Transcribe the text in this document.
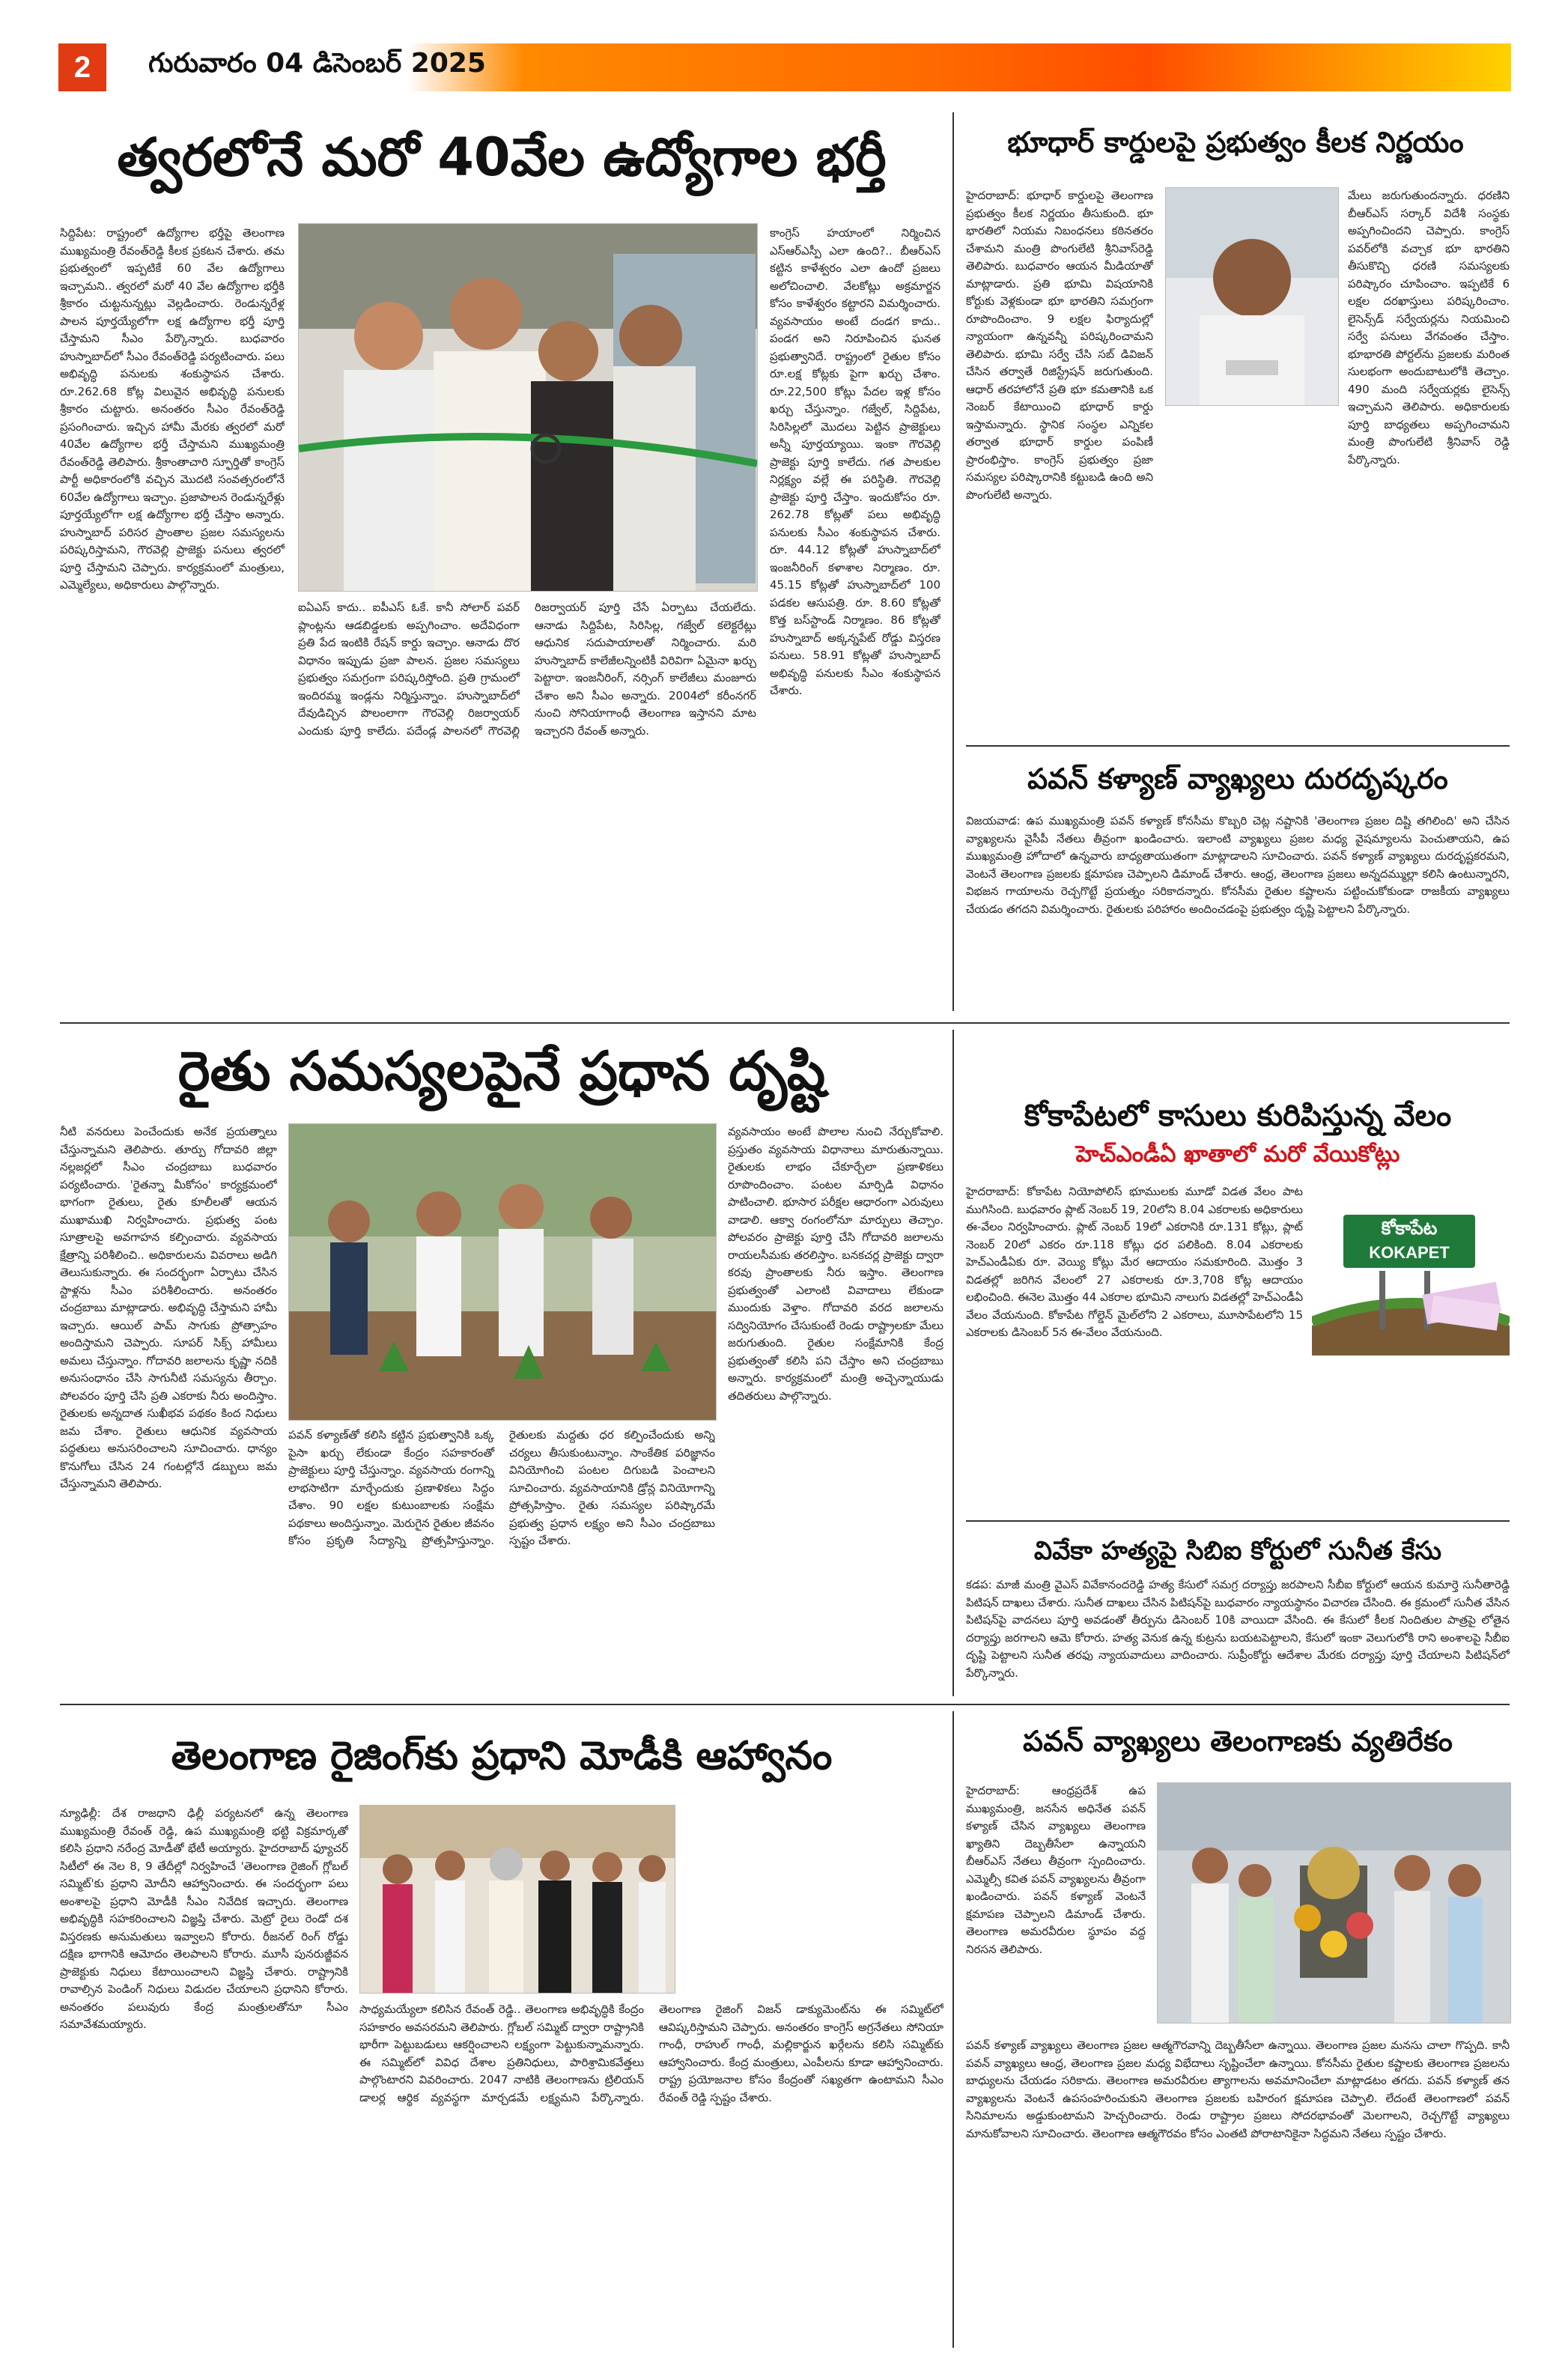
2	గురువారం 04 డిసెంబర్ 2025
త్వరలోనే మరో 40వేల ఉద్యోగాల భర్తీ
సిద్దిపేట: రాష్ట్రంలో ఉద్యోగాల భర్తీపై తెలంగాణ ముఖ్యమంత్రి రేవంత్‌రెడ్డి కీలక ప్రకటన చేశారు. తమ ప్రభుత్వంలో ఇప్పటికే 60 వేల ఉద్యోగాలు ఇచ్చామని.. త్వరలో మరో 40 వేల ఉద్యోగాల భర్తీకి శ్రీకారం చుట్టనున్నట్లు వెల్లడించారు. రెండున్నరేళ్ల పాలన పూర్తయ్యేలోగా లక్ష ఉద్యోగాల భర్తీ పూర్తి చేస్తామని సీఎం పేర్కొన్నారు. బుధవారం హుస్నాబాద్‌లో సీఎం రేవంత్‌రెడ్డి పర్యటించారు. పలు అభివృద్ధి పనులకు శంకుస్థాపన చేశారు. రూ.262.68 కోట్ల విలువైన అభివృద్ధి పనులకు శ్రీకారం చుట్టారు. అనంతరం సీఎం రేవంత్‌రెడ్డి ప్రసంగించారు. ఇచ్చిన హామీ మేరకు త్వరలో మరో 40వేల ఉద్యోగాల భర్తీ చేస్తామని ముఖ్యమంత్రి రేవంత్‌రెడ్డి తెలిపారు. శ్రీకాంతాచారి స్ఫూర్తితో కాంగ్రెస్‌ పార్టీ అధికారంలోకి వచ్చిన మొదటి సంవత్సరంలోనే 60వేల ఉద్యోగాలు ఇచ్చాం. ప్రజాపాలన రెండున్నరేళ్లు పూర్తయ్యేలోగా లక్ష ఉద్యోగాల భర్తీ చేస్తాం అన్నారు. హుస్నాబాద్ పరిసర ప్రాంతాల ప్రజల సమస్యలను పరిష్కరిస్తామని, గౌరవెల్లి ప్రాజెక్టు పనులు త్వరలో పూర్తి చేస్తామని చెప్పారు. కార్యక్రమంలో మంత్రులు, ఎమ్మెల్యేలు, అధికారులు పాల్గొన్నారు.
ఐఏఎస్‌ కాదు.. ఐపీఎస్‌ ఓకే. కానీ సోలార్‌ పవర్‌ ప్లాంట్లను ఆడబిడ్డలకు అప్పగించాం. అదేవిధంగా ప్రతి పేద ఇంటికి రేషన్‌ కార్డు ఇచ్చాం. ఆనాడు దొర విధానం ఇప్పుడు ప్రజా పాలన. ప్రజల సమస్యలు ప్రభుత్వం సమగ్రంగా పరిష్కరిస్తోంది. ప్రతి గ్రామంలో ఇందిరమ్మ ఇండ్లను నిర్మిస్తున్నాం. హుస్నాబాద్‌లో దేవుడిచ్చిన పొలంలాగా గౌరవెల్లి రిజర్వాయర్‌ ఎందుకు పూర్తి కాలేదు. పదేండ్ల పాలనలో గౌరవెల్లి రిజర్వాయర్ పూర్తి చేసే ఏర్పాటు చేయలేదు. ఆనాడు సిద్దిపేట, సిరిసిల్ల, గజ్వేల్‌ కలెక్టరేట్లు ఆధునిక సదుపాయాలతో నిర్మించారు. మరి హుస్నాబాద్‌ కాలేజీలన్నింటికీ విరివిగా ఏమైనా ఖర్చు పెట్టారా. ఇంజనీరింగ్, నర్సింగ్ కాలేజీలు మంజూరు చేశాం అని సీఎం అన్నారు. 2004లో కరీంనగర్‌ నుంచి సోనియాగాంధీ తెలంగాణ ఇస్తానని మాట ఇచ్చారని రేవంత్ అన్నారు.
కాంగ్రెస్‌ హయాంలో నిర్మించిన ఎస్‌ఆర్‌ఎస్పీ ఎలా ఉంది?.. బీఆర్‌ఎస్‌ కట్టిన కాళేశ్వరం ఎలా ఉందో ప్రజలు అలోచించాలి. వేలకోట్లు అక్రమార్జన కోసం కాళేశ్వరం కట్టారని విమర్శించారు. వ్యవసాయం అంటే దండగ కాదు.. పండగ అని నిరూపించిన ఘనత ప్రభుత్వానిదే. రాష్ట్రంలో రైతుల కోసం రూ.లక్ష కోట్లకు పైగా ఖర్చు చేశాం. రూ.22,500 కోట్లు పేదల ఇళ్ల కోసం ఖర్చు చేస్తున్నాం. గజ్వేల్‌, సిద్దిపేట, సిరిసిల్లలో మొదలు పెట్టిన ప్రాజెక్టులు అన్నీ పూర్తయ్యాయి. ఇంకా గౌరవెల్లి ప్రాజెక్టు పూర్తి కాలేదు. గత పాలకుల నిర్లక్ష్యం వల్లే ఈ పరిస్థితి. గౌరవెల్లి ప్రాజెక్టు పూర్తి చేస్తాం. ఇందుకోసం రూ. 262.78 కోట్లతో పలు అభివృద్ధి పనులకు సీఎం శంకుస్థాపన చేశారు. రూ. 44.12 కోట్లతో హుస్నాబాద్‌లో ఇంజనీరింగ్ కళాశాల నిర్మాణం. రూ. 45.15 కోట్లతో హుస్నాబాద్‌లో 100 పడకల ఆసుపత్రి. రూ. 8.60 కోట్లతో కొత్త బస్‌స్టాండ్ నిర్మాణం. 86 కోట్లతో హుస్నాబాద్ అక్కన్నపేట్ రోడ్డు విస్తరణ పనులు. 58.91 కోట్లతో హుస్నాబాద్ అభివృద్ధి పనులకు సీఎం శంకుస్థాపన చేశారు.
భూధార్‌ కార్డులపై ప్రభుత్వం కీలక నిర్ణయం
హైదరాబాద్‌: భూధార్‌ కార్డులపై తెలంగాణ ప్రభుత్వం కీలక నిర్ణయం తీసుకుంది. భూ భారతిలో నియమ నిబంధనలు కఠినతరం చేశామని మంత్రి పొంగులేటి శ్రీనివాస్‌రెడ్డి తెలిపారు. బుధవారం ఆయన మీడియాతో మాట్లాడారు. ప్రతి భూమి విషయానికి కోర్టుకు వెళ్లకుండా భూ భారతిని సమగ్రంగా రూపొందించాం. 9 లక్షల ఫిర్యాదుల్లో న్యాయంగా ఉన్నవన్నీ పరిష్కరించామని తెలిపారు. భూమి సర్వే చేసి సబ్ డివిజన్ చేసిన తర్వాతే రిజిస్ట్రేషన్ జరుగుతుంది. ఆధార్ తరహాలోనే ప్రతి భూ కమతానికి ఒక నెంబర్ కేటాయించి భూధార్ కార్డు ఇస్తామన్నారు. స్థానిక సంస్థల ఎన్నికల తర్వాత భూధార్ కార్డుల పంపిణీ ప్రారంభిస్తాం. కాంగ్రెస్ ప్రభుత్వం ప్రజా సమస్యల పరిష్కారానికి కట్టుబడి ఉంది అని పొంగులేటి అన్నారు.
మేలు జరుగుతుందన్నారు. ధరణిని బీఆర్‌ఎస్‌ సర్కార్‌ విదేశీ సంస్థకు అప్పగించిందని చెప్పారు. కాంగ్రెస్ పవర్‌లోకి వచ్చాక భూ భారతిని తీసుకొచ్చి ధరణి సమస్యలకు పరిష్కారం చూపించాం. ఇప్పటికే 6 లక్షల దరఖాస్తులు పరిష్కరించాం. లైసెన్స్‌డ్ సర్వేయర్లను నియమించి సర్వే పనులు వేగవంతం చేస్తాం. భూభారతి పోర్టల్‌ను ప్రజలకు మరింత సులభంగా అందుబాటులోకి తెచ్చాం. 490 మంది సర్వేయర్లకు లైసెన్స్ ఇచ్చామని తెలిపారు. అధికారులకు పూర్తి బాధ్యతలు అప్పగించామని మంత్రి పొంగులేటి శ్రీనివాస్ రెడ్డి పేర్కొన్నారు.
పవన్‌ కళ్యాణ్‌ వ్యాఖ్యలు దురదృష్కరం
విజయవాడ: ఉప ముఖ్యమంత్రి పవన్‌ కళ్యాణ్‌ కోనసీమ కొబ్బరి చెట్ల నష్టానికి 'తెలంగాణ ప్రజల దిష్టి తగిలింది' అని చేసిన వ్యాఖ్యలను వైసీపీ నేతలు తీవ్రంగా ఖండించారు. ఇలాంటి వ్యాఖ్యలు ప్రజల మధ్య వైషమ్యాలను పెంచుతాయని, ఉప ముఖ్యమంత్రి హోదాలో ఉన్నవారు బాధ్యతాయుతంగా మాట్లాడాలని సూచించారు. పవన్ కళ్యాణ్ వ్యాఖ్యలు దురదృష్టకరమని, వెంటనే తెలంగాణ ప్రజలకు క్షమాపణ చెప్పాలని డిమాండ్ చేశారు. ఆంధ్ర, తెలంగాణ ప్రజలు అన్నదమ్ముల్లా కలిసి ఉంటున్నారని, విభజన గాయాలను రెచ్చగొట్టే ప్రయత్నం సరికాదన్నారు. కోనసీమ రైతుల కష్టాలను పట్టించుకోకుండా రాజకీయ వ్యాఖ్యలు చేయడం తగదని విమర్శించారు. రైతులకు పరిహారం అందించడంపై ప్రభుత్వం దృష్టి పెట్టాలని పేర్కొన్నారు.
రైతు సమస్యలపైనే ప్రధాన దృష్టి
నీటి వనరులు పెంచేందుకు అనేక ప్రయత్నాలు చేస్తున్నామని తెలిపారు. తూర్పు గోదావరి జిల్లా నల్లజర్లలో సీఎం చంద్రబాబు బుధవారం పర్యటించారు. 'రైతన్నా మీకోసం' కార్యక్రమంలో భాగంగా రైతులు, రైతు కూలీలతో ఆయన ముఖాముఖి నిర్వహించారు. ప్రభుత్వ పంట సూత్రాలపై అవగాహన కల్పించారు. వ్యవసాయ క్షేత్రాన్ని పరిశీలించి.. అధికారులను వివరాలు అడిగి తెలుసుకున్నారు. ఈ సందర్భంగా ఏర్పాటు చేసిన స్టాళ్లను సీఎం పరిశీలించారు. అనంతరం చంద్రబాబు మాట్లాడారు. అభివృద్ధి చేస్తామని హామీ ఇచ్చారు. ఆయిల్‌ పామ్ సాగుకు ప్రోత్సాహం అందిస్తామని చెప్పారు. సూపర్ సిక్స్ హామీలు అమలు చేస్తున్నాం. గోదావరి జలాలను కృష్ణా నదికి అనుసంధానం చేసి సాగునీటి సమస్యను తీర్చాం. పోలవరం పూర్తి చేసి ప్రతి ఎకరాకు నీరు అందిస్తాం. రైతులకు అన్నదాత సుఖీభవ పథకం కింద నిధులు జమ చేశాం. రైతులు ఆధునిక వ్యవసాయ పద్ధతులు అనుసరించాలని సూచించారు. ధాన్యం కొనుగోలు చేసిన 24 గంటల్లోనే డబ్బులు జమ చేస్తున్నామని తెలిపారు.
పవన్ కళ్యాణ్‌తో కలిసి కట్టిన ప్రభుత్వానికి ఒక్క పైసా ఖర్చు లేకుండా కేంద్రం సహకారంతో ప్రాజెక్టులు పూర్తి చేస్తున్నాం. వ్యవసాయ రంగాన్ని లాభసాటిగా మార్చేందుకు ప్రణాళికలు సిద్ధం చేశాం. 90 లక్షల కుటుంబాలకు సంక్షేమ పథకాలు అందిస్తున్నాం. మెరుగైన రైతుల జీవనం కోసం ప్రకృతి సేద్యాన్ని ప్రోత్సహిస్తున్నాం. రైతులకు మద్దతు ధర కల్పించేందుకు అన్ని చర్యలు తీసుకుంటున్నాం. సాంకేతిక పరిజ్ఞానం వినియోగించి పంటల దిగుబడి పెంచాలని సూచించారు. వ్యవసాయానికి డ్రోన్ల వినియోగాన్ని ప్రోత్సహిస్తాం. రైతు సమస్యల పరిష్కారమే ప్రభుత్వ ప్రధాన లక్ష్యం అని సీఎం చంద్రబాబు స్పష్టం చేశారు.
వ్యవసాయం అంటే పొలాల నుంచి నేర్చుకోవాలి. ప్రస్తుతం వ్యవసాయ విధానాలు మారుతున్నాయి. రైతులకు లాభం చేకూర్చేలా ప్రణాళికలు రూపొందించాం. పంటల మార్పిడి విధానం పాటించాలి. భూసార పరీక్షల ఆధారంగా ఎరువులు వాడాలి. ఆక్వా రంగంలోనూ మార్పులు తెచ్చాం. పోలవరం ప్రాజెక్టు పూర్తి చేసి గోదావరి జలాలను రాయలసీమకు తరలిస్తాం. బనకచర్ల ప్రాజెక్టు ద్వారా కరవు ప్రాంతాలకు నీరు ఇస్తాం. తెలంగాణ ప్రభుత్వంతో ఎలాంటి వివాదాలు లేకుండా ముందుకు వెళ్తాం. గోదావరి వరద జలాలను సద్వినియోగం చేసుకుంటే రెండు రాష్ట్రాలకూ మేలు జరుగుతుంది. రైతుల సంక్షేమానికి కేంద్ర ప్రభుత్వంతో కలిసి పని చేస్తాం అని చంద్రబాబు అన్నారు. కార్యక్రమంలో మంత్రి అచ్చెన్నాయుడు తదితరులు పాల్గొన్నారు.
కోకాపేటలో కాసులు కురిపిస్తున్న వేలం
హెచ్‌ఎండీఏ ఖాతాలో మరో వేయికోట్లు
హైదరాబాద్‌: కోకాపేట నియోపోలిస్ భూములకు మూడో విడత వేలం పాట ముగిసింది. బుధవారం ప్లాట్ నెంబర్ 19, 20లోని 8.04 ఎకరాలకు అధికారులు ఈ-వేలం నిర్వహించారు. ప్లాట్ నెంబర్ 19లో ఎకరానికి రూ.131 కోట్లు, ప్లాట్ నెంబర్ 20లో ఎకరం రూ.118 కోట్లు ధర పలికింది. 8.04 ఎకరాలకు హెచ్‌ఎండీఏకు రూ. వెయ్యి కోట్లు మేర ఆదాయం సమకూరింది. మొత్తం 3 విడతల్లో జరిగిన వేలంలో 27 ఎకరాలకు రూ.3,708 కోట్ల ఆదాయం లభించింది. ఈనెల మొత్తం 44 ఎకరాల భూమిని నాలుగు విడతల్లో హెచ్‌ఎండీఏ వేలం వేయనుంది. కోకాపేట గోల్డెన్ మైల్‌లోని 2 ఎకరాలు, మూసాపేటలోని 15 ఎకరాలకు డిసెంబర్ 5న ఈ-వేలం వేయనుంది.
కోకాపేట
KOKAPET
వివేకా హత్యపై సిబిఐ కోర్టులో సునీత కేసు
కడప: మాజీ మంత్రి వైఎస్ వివేకానందరెడ్డి హత్య కేసులో సమగ్ర దర్యాప్తు జరపాలని సీబీఐ కోర్టులో ఆయన కుమార్తె సునీతారెడ్డి పిటిషన్ దాఖలు చేశారు. సునీత దాఖలు చేసిన పిటిషన్‌పై బుధవారం న్యాయస్థానం విచారణ చేసింది. ఈ క్రమంలో సునీత వేసిన పిటిషన్‌పై వాదనలు పూర్తి అవడంతో తీర్పును డిసెంబర్ 10కి వాయిదా వేసింది. ఈ కేసులో కీలక నిందితుల పాత్రపై లోతైన దర్యాప్తు జరగాలని ఆమె కోరారు. హత్య వెనుక ఉన్న కుట్రను బయటపెట్టాలని, కేసులో ఇంకా వెలుగులోకి రాని అంశాలపై సీబీఐ దృష్టి పెట్టాలని సునీత తరఫు న్యాయవాదులు వాదించారు. సుప్రీంకోర్టు ఆదేశాల మేరకు దర్యాప్తు పూర్తి చేయాలని పిటిషన్‌లో పేర్కొన్నారు.
తెలంగాణ రైజింగ్‌కు ప్రధాని మోడీకి ఆహ్వానం
న్యూఢిల్లీ: దేశ రాజధాని ఢిల్లీ పర్యటనలో ఉన్న తెలంగాణ ముఖ్యమంత్రి రేవంత్‌ రెడ్డి, ఉప ముఖ్యమంత్రి భట్టి విక్రమార్కతో కలిసి ప్రధాని నరేంద్ర మోడీతో భేటీ అయ్యారు. హైదరాబాద్‌ ఫ్యూచర్ సిటీలో ఈ నెల 8, 9 తేదీల్లో నిర్వహించే 'తెలంగాణ రైజింగ్ గ్లోబల్ సమ్మిట్‌'కు ప్రధాని మోదీని ఆహ్వానించారు. ఈ సందర్భంగా పలు అంశాలపై ప్రధాని మోడీకి సీఎం నివేదిక ఇచ్చారు. తెలంగాణ అభివృద్ధికి సహకరించాలని విజ్ఞప్తి చేశారు. మెట్రో రైలు రెండో దశ విస్తరణకు అనుమతులు ఇవ్వాలని కోరారు. రీజనల్ రింగ్ రోడ్డు దక్షిణ భాగానికి ఆమోదం తెలపాలని కోరారు. మూసీ పునరుజ్జీవన ప్రాజెక్టుకు నిధులు కేటాయించాలని విజ్ఞప్తి చేశారు. రాష్ట్రానికి రావాల్సిన పెండింగ్ నిధులు విడుదల చేయాలని ప్రధానిని కోరారు. అనంతరం పలువురు కేంద్ర మంత్రులతోనూ సీఎం సమావేశమయ్యారు.
సాధ్యమయ్యేలా కలిసిన రేవంత్ రెడ్డి.. తెలంగాణ అభివృద్ధికి కేంద్రం సహకారం అవసరమని తెలిపారు. గ్లోబల్ సమ్మిట్ ద్వారా రాష్ట్రానికి భారీగా పెట్టుబడులు ఆకర్షించాలని లక్ష్యంగా పెట్టుకున్నామన్నారు. ఈ సమ్మిట్‌లో వివిధ దేశాల ప్రతినిధులు, పారిశ్రామికవేత్తలు పాల్గొంటారని వివరించారు. 2047 నాటికి తెలంగాణను ట్రిలియన్ డాలర్ల ఆర్థిక వ్యవస్థగా మార్చడమే లక్ష్యమని పేర్కొన్నారు. తెలంగాణ రైజింగ్ విజన్ డాక్యుమెంట్‌ను ఈ సమ్మిట్‌లో ఆవిష్కరిస్తామని చెప్పారు. అనంతరం కాంగ్రెస్ అగ్రనేతలు సోనియా గాంధీ, రాహుల్ గాంధీ, మల్లికార్జున ఖర్గేలను కలిసి సమ్మిట్‌కు ఆహ్వానించారు. కేంద్ర మంత్రులు, ఎంపీలను కూడా ఆహ్వానించారు. రాష్ట్ర ప్రయోజనాల కోసం కేంద్రంతో సఖ్యతగా ఉంటామని సీఎం రేవంత్ రెడ్డి స్పష్టం చేశారు.
పవన్ వ్యాఖ్యలు తెలంగాణకు వ్యతిరేకం
హైదరాబాద్‌: ఆంధ్రప్రదేశ్‌ ఉప ముఖ్యమంత్రి, జనసేన అధినేత పవన్‌ కళ్యాణ్‌ చేసిన వ్యాఖ్యలు తెలంగాణ ఖ్యాతిని దెబ్బతీసేలా ఉన్నాయని బీఆర్ఎస్ నేతలు తీవ్రంగా స్పందించారు. ఎమ్మెల్సీ కవిత పవన్ వ్యాఖ్యలను తీవ్రంగా ఖండించారు. పవన్ కళ్యాణ్ వెంటనే క్షమాపణ చెప్పాలని డిమాండ్ చేశారు. తెలంగాణ అమరవీరుల స్థూపం వద్ద నిరసన తెలిపారు.
పవన్‌ కళ్యాణ్‌ వ్యాఖ్యలు తెలంగాణ ప్రజల ఆత్మగౌరవాన్ని దెబ్బతీసేలా ఉన్నాయి. తెలంగాణ ప్రజల మనసు చాలా గొప్పది. కానీ పవన్ వ్యాఖ్యలు ఆంధ్ర, తెలంగాణ ప్రజల మధ్య విభేదాలు సృష్టించేలా ఉన్నాయి. కోనసీమ రైతుల కష్టాలకు తెలంగాణ ప్రజలను బాధ్యులను చేయడం సరికాదు. తెలంగాణ అమరవీరుల త్యాగాలను అవమానించేలా మాట్లాడటం తగదు. పవన్ కళ్యాణ్ తన వ్యాఖ్యలను వెంటనే ఉపసంహరించుకుని తెలంగాణ ప్రజలకు బహిరంగ క్షమాపణ చెప్పాలి. లేదంటే తెలంగాణలో పవన్ సినిమాలను అడ్డుకుంటామని హెచ్చరించారు. రెండు రాష్ట్రాల ప్రజలు సోదరభావంతో మెలగాలని, రెచ్చగొట్టే వ్యాఖ్యలు మానుకోవాలని సూచించారు. తెలంగాణ ఆత్మగౌరవం కోసం ఎంతటి పోరాటానికైనా సిద్ధమని నేతలు స్పష్టం చేశారు.
